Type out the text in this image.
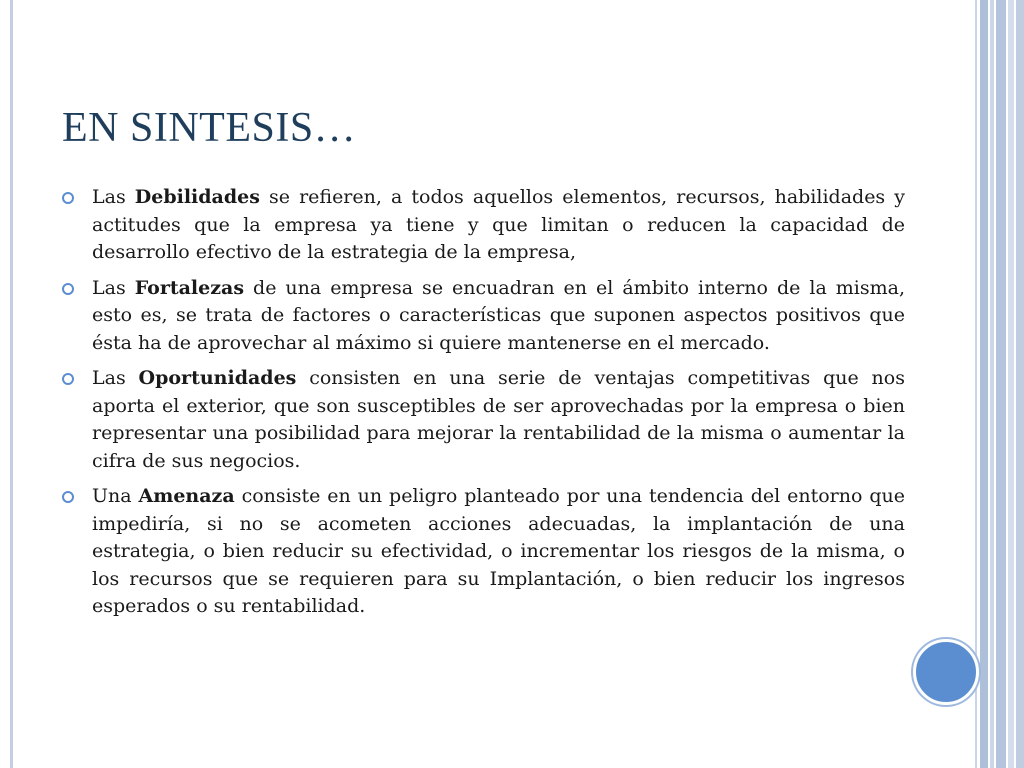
EN SINTESIS…
Las Debilidades se refieren, a todos aquellos elementos, recursos, habilidades y actitudes que la empresa ya tiene y que limitan o reducen la capacidad de desarrollo efectivo de la estrategia de la empresa,
Las Fortalezas de una empresa se encuadran en el ámbito interno de la misma, esto es, se trata de factores o características que suponen aspectos positivos que ésta ha de aprovechar al máximo si quiere mantenerse en el mercado.
Las Oportunidades consisten en una serie de ventajas competitivas que nos aporta el exterior, que son susceptibles de ser aprovechadas por la empresa o bien representar una posibilidad para mejorar la rentabilidad de la misma o aumentar la cifra de sus negocios.
Una Amenaza consiste en un peligro planteado por una tendencia del entorno que impediría, si no se acometen acciones adecuadas, la implantación de una estrategia, o bien reducir su efectividad, o incrementar los riesgos de la misma, o los recursos que se requieren para su Implantación, o bien reducir los ingresos esperados o su rentabilidad.
